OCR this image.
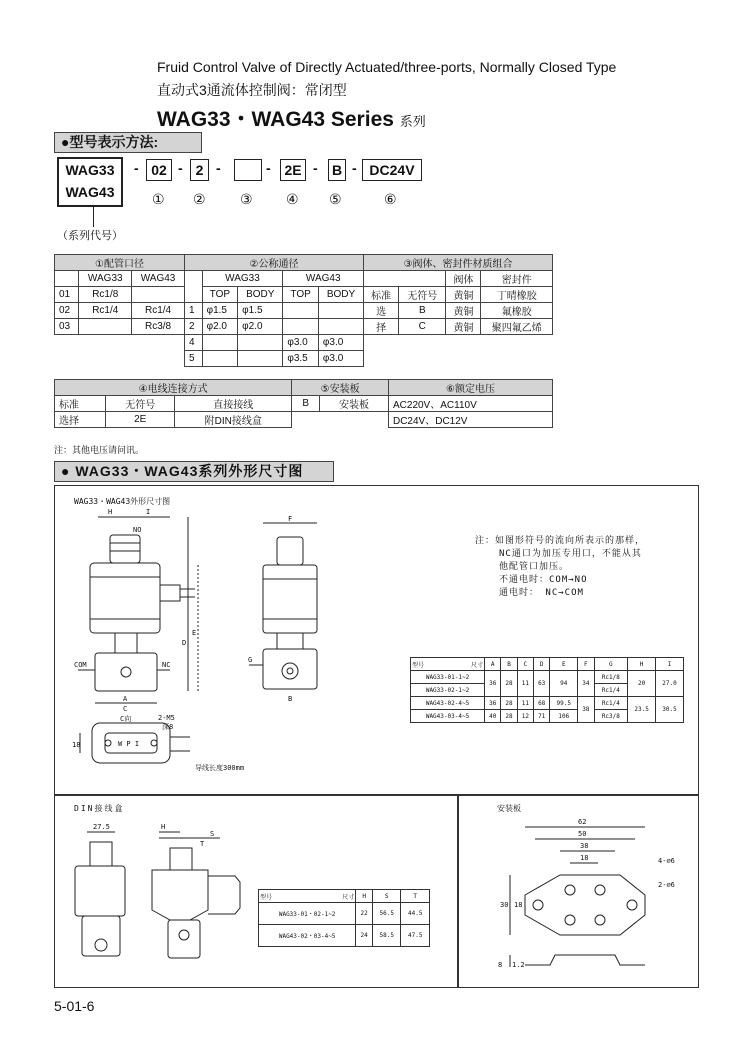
Fruid Control Valve of Directly Actuated/three-ports, Normally Closed Type
直动式3通流体控制阀：常闭型
WAG33・WAG43 Series 系列
●型号表示方法:
WAG33
WAG43
（系列代号）
- 02 - 2 -	- 2E - B - DC24V
① ② ③ ④ ⑤	⑥
①配管口径			②公称通径					③阀体、密封件材质组合			
	WAG33	WAG43		WAG33		WAG43				阀体	密封件
01	Rc1/8			TOP	BODY	TOP	BODY	标准	无符号	黄铜	丁晴橡胶
02	Rc1/4	Rc1/4	1	φ1.5	φ1.5			选	B	黄铜	氟橡胶
03		Rc3/8	2	φ2.0	φ2.0			择	C	黄铜	聚四氟乙烯
			4			φ3.0	φ3.0				
			5			φ3.5	φ3.0				
④电线连接方式			⑤安装板		⑥额定电压
标准	无符号	直接接线	B	安装板	AC220V、AC110V
选择	2E	附DIN接线盒			DC24V、DC12V
注：其他电压请问讯。
● WAG33・WAG43系列外形尺寸图
WAG33・WAG43外形尺寸图
H	I
NO
COM	NC
A
C
C向
E
D
2-M5
深8
18	W P I
导线长度300mm
F
G
B
注：如图形符号的流向所表示的那样，
NC通口为加压专用口，不能从其
他配管口加压。
不通电时：COM→NO
通电时： NC→COM
型号 尺寸	A	B	C	D	E	F	G	H	I
WAG33-01-1~2	36	28	11	63	94	34	Rc1/8	20	27.0
WAG33-02-1~2							Rc1/4		
WAG43-02-4~5	36	28	11	68	99.5	38	Rc1/4	23.5	30.5
WAG43-03-4~5	40	28	12	71	106		Rc3/8		
DIN接线盒
27.5	H
S
T
型号 尺寸	H	S	T
WAG33-01・02-1~2	22	56.5	44.5
WAG43-02・03-4~5	24	58.5	47.5
安装板
62
50
38
18
30 18
4-∅6
2-∅6
8 1.2
5-01-6
